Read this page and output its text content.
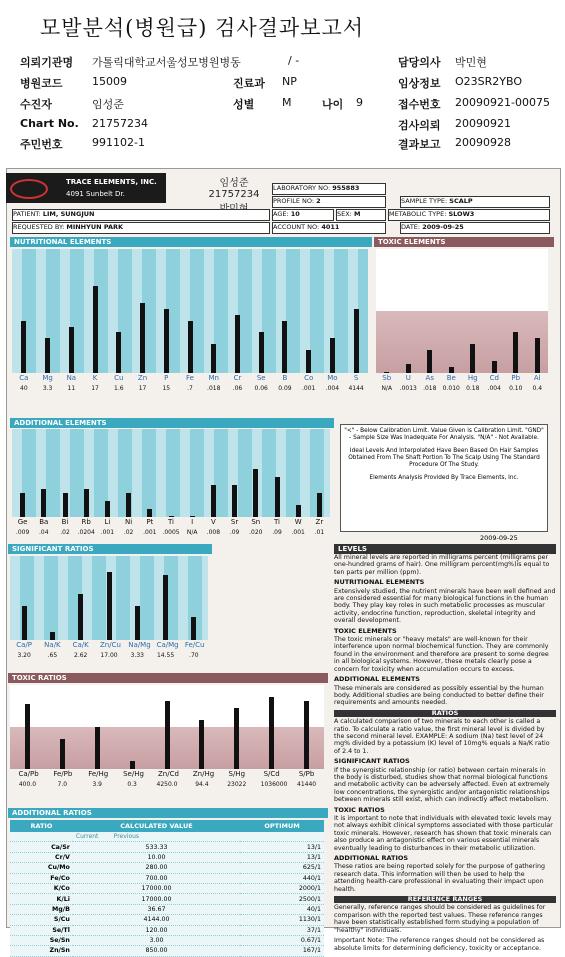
모발분석(병원급) 검사결과보고서
의뢰기관명 가톨릭대학교서울성모병원병동	/ -	담당의사 박민현
병원코드	15009	진료과 NP	임상정보 O23SR2YBO
수진자	임성준	성별	M	나이 9	접수번호 20090921-00075
Chart No. 21757234	검사의뢰 20090921
주민번호	991102-1	결과보고 20090928
TRACE ELEMENTS, INC.
4091 Sunbelt Dr.
임성준 21757234
LABORATORY NO: 955883
PROFILE NO: 2	SAMPLE TYPE: SCALP
PATIENT: LIM, SUNGJUN	AGE: 10	SEX: M	METABOLIC TYPE: SLOW3
REQUESTED BY: MINHYUN PARK	ACCOUNT NO: 4011	DATE: 2009-09-25
NUTRITIONAL ELEMENTS
Ca
40
Mg
3.3
Na
11
K
17
Cu
1.6
Zn
17
P
15
Fe
.7
Mn
.018
Cr
.06
Se
0.06
B
0.09
Co
.001
Mo
.004
S
4144
TOXIC ELEMENTS
Sb
N/A
U
.0013
As
.018
Be
0.010
Hg
0.18
Cd
.004
Pb
0.10
Al
0.4
ADDITIONAL ELEMENTS
Ge
.009
Ba
.04
Bi
.02
Rb
.0204
Li
.001
Ni
.02
Pt
.001
Ti
.0005
I
N/A
V
.008
Sr
.09
Sn
.020
Ti
.09
W
.001
Zr
.01
"<" - Below Calibration Limit. Value Given is Calibration Limit. "GND" - Sample Size Was Inadequate For Analysis. "N/A" - Not Available.
Ideal Levels And Interpolated Have Been Based On Hair Samples Obtained From The Shaft Portion To The Scalp Using The Standard Procedure Of The Study.
Elements Analysis Provided By Trace Elements, Inc.
2009-09-25
SIGNIFICANT RATIOS
Ca/P
3.20
Na/K
.65
Ca/K
2.62
Zn/Cu
17.00
Na/Mg
3.33
Ca/Mg
14.55
Fe/Cu
.70
TOXIC RATIOS
Ca/Pb
400.0
Fe/Pb
7.0
Fe/Hg
3.9
Se/Hg
0.3
Zn/Cd
4250.0
Zn/Hg
94.4
S/Hg
23022
S/Cd
1036000
S/Pb
41440
ADDITIONAL RATIOS
RATIO	CALCULATED VALUE	OPTIMUM
	Current Previous	
Ca/Sr	533.33	13/1
Cr/V	10.00	13/1
Cu/Mo	280.00	625/1
Fe/Co	700.00	440/1
K/Co	17000.00	2000/1
K/Li	17000.00	2500/1
Mg/B	36.67	40/1
S/Cu	4144.00	1130/1
Se/Tl	120.00	37/1
Se/Sn	3.00	0.67/1
Zn/Sn	850.00	167/1
LEVELS
All mineral levels are reported in milligrams percent (milligrams per one-hundred grams of hair). One milligram percent(mg%)is equal to ten parts per million (ppm).
NUTRITIONAL ELEMENTS
Extensively studied, the nutrient minerals have been well defined and are considered essential for many biological functions in the human body. They play key roles in such metabolic processes as muscular activity, endocrine function, reproduction, skeletal integrity and overall development.
TOXIC ELEMENTS
The toxic minerals or "heavy metals" are well-known for their interference upon normal biochemical function. They are commonly found in the environment and therefore are present to some degree in all biological systems. However, these metals clearly pose a concern for toxicity when accumulation occurs to excess.
ADDITIONAL ELEMENTS
These minerals are considered as possibly essential by the human body. Additional studies are being conducted to better define their requirements and amounts needed.
RATIOS
A calculated comparison of two minerals to each other is called a ratio. To calculate a ratio value, the first mineral level is divided by the second mineral level. EXAMPLE: A sodium (Na) test level of 24 mg% divided by a potassium (K) level of 10mg% equals a Na/K ratio of 2.4 to 1.
SIGNIFICANT RATIOS
If the synergistic relationship (or ratio) between certain minerals in the body is disturbed, studies show that normal biological functions and metabolic activity can be adversely affected. Even at extremely low concentrations, the synergistic and/or antagonistic relationships between minerals still exist, which can indirectly affect metabolism.
TOXIC RATIOS
It is important to note that individuals with elevated toxic levels may not always exhibit clinical symptoms associated with those particular toxic minerals. However, research has shown that toxic minerals can also produce an antagonistic effect on various essential minerals eventually leading to disturbances in their metabolic utilization.
ADDITIONAL RATIOS
These ratios are being reported solely for the purpose of gathering research data. This information will then be used to help the attending health-care professional in evaluating their impact upon health.
REFERENCE RANGES
Generally, reference ranges should be considered as guidelines for comparison with the reported test values. These reference ranges have been statistically established form studying a population of "healthy" individuals.
Important Note: The reference ranges should not be considered as absolute limits for determining deficiency, toxicity or acceptance.
